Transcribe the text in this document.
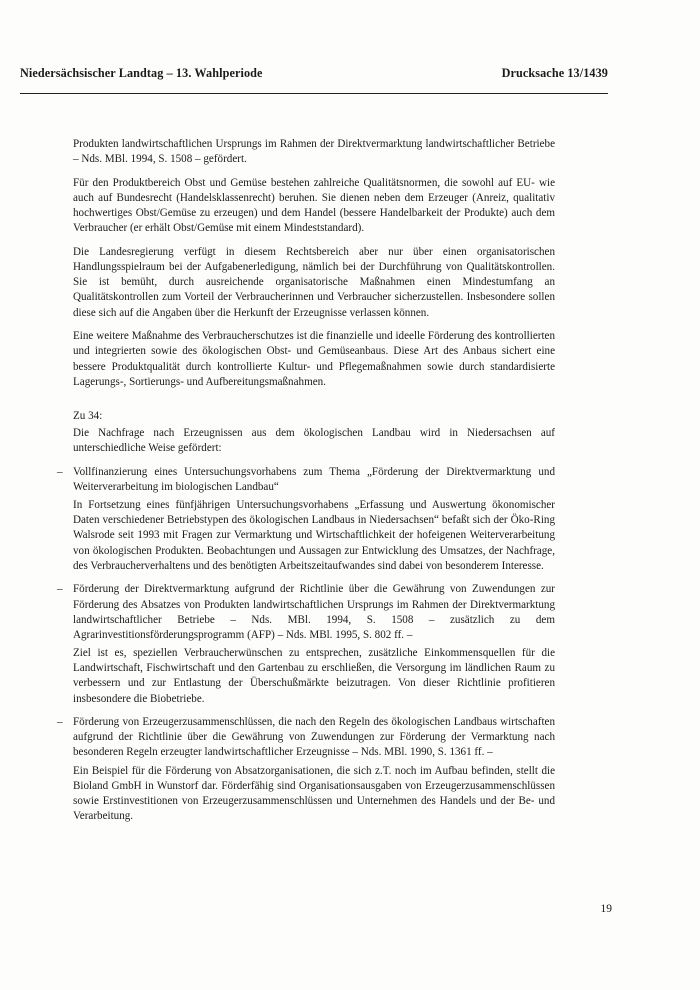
Niedersächsischer Landtag – 13. Wahlperiode	Drucksache 13/1439

Produkten landwirtschaftlichen Ursprungs im Rahmen der Direktvermarktung landwirtschaftlicher Betriebe – Nds. MBl. 1994, S. 1508 – gefördert.

Für den Produktbereich Obst und Gemüse bestehen zahlreiche Qualitätsnormen, die sowohl auf EU- wie auch auf Bundesrecht (Handelsklassenrecht) beruhen. Sie dienen neben dem Erzeuger (Anreiz, qualitativ hochwertiges Obst/Gemüse zu erzeugen) und dem Handel (bessere Handelbarkeit der Produkte) auch dem Verbraucher (er erhält Obst/Gemüse mit einem Mindeststandard).

Die Landesregierung verfügt in diesem Rechtsbereich aber nur über einen organisatorischen Handlungsspielraum bei der Aufgabenerledigung, nämlich bei der Durchführung von Qualitätskontrollen. Sie ist bemüht, durch ausreichende organisatorische Maßnahmen einen Mindestumfang an Qualitätskontrollen zum Vorteil der Verbraucherinnen und Verbraucher sicherzustellen. Insbesondere sollen diese sich auf die Angaben über die Herkunft der Erzeugnisse verlassen können.

Eine weitere Maßnahme des Verbraucherschutzes ist die finanzielle und ideelle Förderung des kontrollierten und integrierten sowie des ökologischen Obst- und Gemüseanbaus. Diese Art des Anbaus sichert eine bessere Produktqualität durch kontrollierte Kultur- und Pflegemaßnahmen sowie durch standardisierte Lagerungs-, Sortierungs- und Aufbereitungsmaßnahmen.

Zu 34:

Die Nachfrage nach Erzeugnissen aus dem ökologischen Landbau wird in Niedersachsen auf unterschiedliche Weise gefördert:

– Vollfinanzierung eines Untersuchungsvorhabens zum Thema „Förderung der Direktvermarktung und Weiterverarbeitung im biologischen Landbau“

In Fortsetzung eines fünfjährigen Untersuchungsvorhabens „Erfassung und Auswertung ökonomischer Daten verschiedener Betriebstypen des ökologischen Landbaus in Niedersachsen“ befaßt sich der Öko-Ring Walsrode seit 1993 mit Fragen zur Vermarktung und Wirtschaftlichkeit der hofeigenen Weiterverarbeitung von ökologischen Produkten. Beobachtungen und Aussagen zur Entwicklung des Umsatzes, der Nachfrage, des Verbraucherverhaltens und des benötigten Arbeitszeitaufwandes sind dabei von besonderem Interesse.

– Förderung der Direktvermarktung aufgrund der Richtlinie über die Gewährung von Zuwendungen zur Förderung des Absatzes von Produkten landwirtschaftlichen Ursprungs im Rahmen der Direktvermarktung landwirtschaftlicher Betriebe – Nds. MBl. 1994, S. 1508 – zusätzlich zu dem Agrarinvestitionsförderungsprogramm (AFP) – Nds. MBl. 1995, S. 802 ff. –

Ziel ist es, speziellen Verbraucherwünschen zu entsprechen, zusätzliche Einkommensquellen für die Landwirtschaft, Fischwirtschaft und den Gartenbau zu erschließen, die Versorgung im ländlichen Raum zu verbessern und zur Entlastung der Überschußmärkte beizutragen. Von dieser Richtlinie profitieren insbesondere die Biobetriebe.

– Förderung von Erzeugerzusammenschlüssen, die nach den Regeln des ökologischen Landbaus wirtschaften aufgrund der Richtlinie über die Gewährung von Zuwendungen zur Förderung der Vermarktung nach besonderen Regeln erzeugter landwirtschaftlicher Erzeugnisse – Nds. MBl. 1990, S. 1361 ff. –

Ein Beispiel für die Förderung von Absatzorganisationen, die sich z.T. noch im Aufbau befinden, stellt die Bioland GmbH in Wunstorf dar. Förderfähig sind Organisationsausgaben von Erzeugerzusammenschlüssen sowie Erstinvestitionen von Erzeugerzusammenschlüssen und Unternehmen des Handels und der Be- und Verarbeitung.

19
